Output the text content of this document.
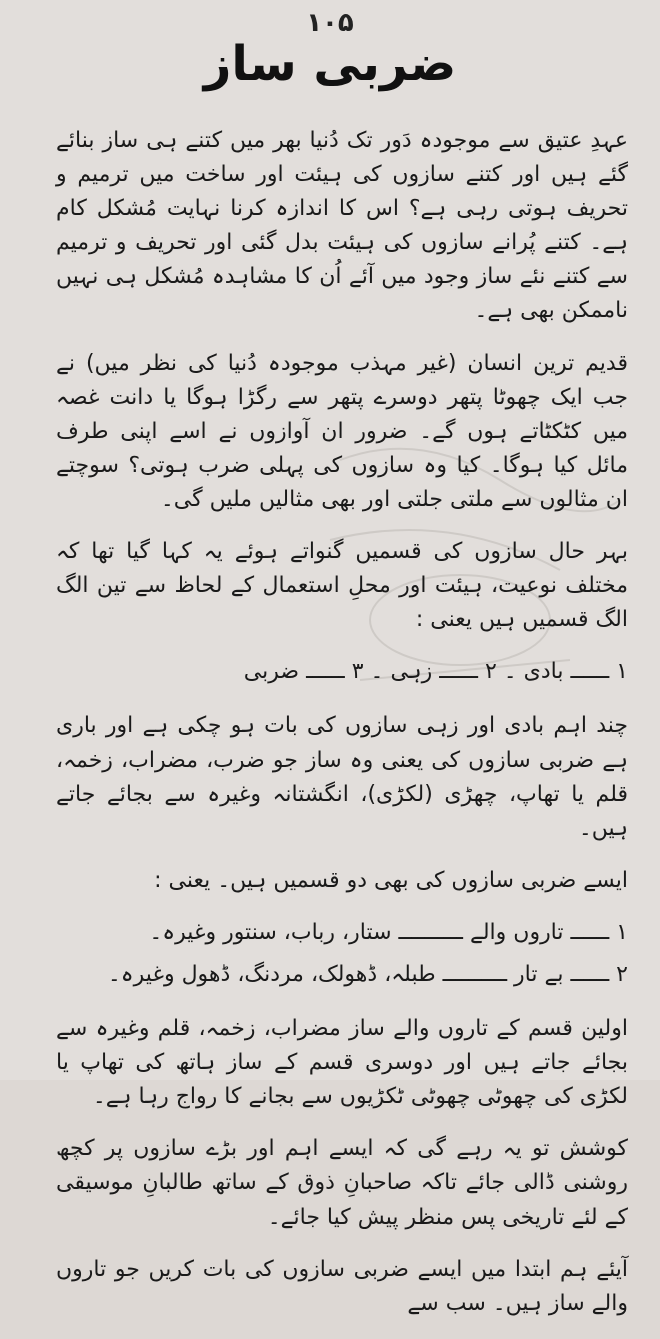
۱۰۵
ضربی ساز

عہدِ عتیق سے موجودہ دَور تک دُنیا بھر میں کتنے ہی ساز بنائے گئے ہیں اور کتنے سازوں کی ہیئت اور ساخت میں ترمیم و تحریف ہوتی رہی ہے؟ اس کا اندازہ کرنا نہایت مُشکل کام ہے۔ کتنے پُرانے سازوں کی ہیئت بدل گئی اور تحریف و ترمیم سے کتنے نئے ساز وجود میں آئے اُن کا مشاہدہ مُشکل ہی نہیں ناممکن بھی ہے۔

قدیم ترین انسان (غیر مہذب موجودہ دُنیا کی نظر میں) نے جب ایک چھوٹا پتھر دوسرے پتھر سے رگڑا ہوگا یا دانت غصہ میں کٹکٹاتے ہوں گے۔ ضرور ان آوازوں نے اسے اپنی طرف مائل کیا ہوگا۔ کیا وہ سازوں کی پہلی ضرب ہوتی؟ سوچتے ان مثالوں سے ملتی جلتی اور بھی مثالیں ملیں گی۔

بہر حال سازوں کی قسمیں گنواتے ہوئے یہ کہا گیا تھا کہ مختلف نوعیت، ہیئت اور محلِ استعمال کے لحاظ سے تین الگ الگ قسمیں ہیں یعنی :

۱ ــــــ بادی ۔ ۲ ــــــ زہی ۔ ۳ ــــــ ضربی

چند اہم بادی اور زہی سازوں کی بات ہو چکی ہے اور باری ہے ضربی سازوں کی یعنی وہ ساز جو ضرب، مضراب، زخمہ، قلم یا تھاپ، چھڑی (لکڑی)، انگشتانہ وغیرہ سے بجائے جاتے ہیں۔

ایسے ضربی سازوں کی بھی دو قسمیں ہیں۔ یعنی :

۱ ــــــ تاروں والے ــــــــــ ستار، رباب، سنتور وغیرہ۔
۲ ــــــ بے تار ــــــــــ طبلہ، ڈھولک، مردنگ، ڈھول وغیرہ۔

اولین قسم کے تاروں والے ساز مضراب، زخمہ، قلم وغیرہ سے بجائے جاتے ہیں اور دوسری قسم کے ساز ہاتھ کی تھاپ یا لکڑی کی چھوٹی چھوٹی ٹکڑیوں سے بجانے کا رواج رہا ہے۔

کوشش تو یہ رہے گی کہ ایسے اہم اور بڑے سازوں پر کچھ روشنی ڈالی جائے تاکہ صاحبانِ ذوق کے ساتھ طالبانِ موسیقی کے لئے تاریخی پس منظر پیش کیا جائے۔

آیئے ہم ابتدا میں ایسے ضربی سازوں کی بات کریں جو تاروں والے ساز ہیں۔ سب سے
